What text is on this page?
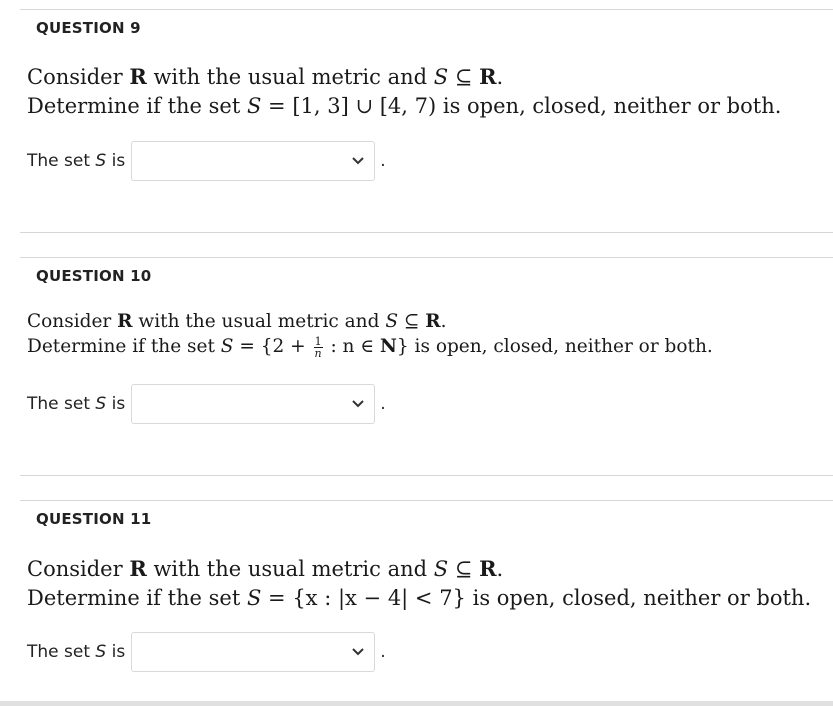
QUESTION 9
Consider R with the usual metric and S ⊆ R.
Determine if the set S = [1, 3] ∪ [4, 7) is open, closed, neither or both.
The set S is	.
QUESTION 10
Consider R with the usual metric and S ⊆ R.
Determine if the set $S = \{2 + \frac{1}{n}$ : n ∈ N} is open, closed, neither or both.
The set S is	.
QUESTION 11
Consider R with the usual metric and S ⊆ R.
Determine if the set S = {x : |x − 4| < 7} is open, closed, neither or both.
The set S is	.
